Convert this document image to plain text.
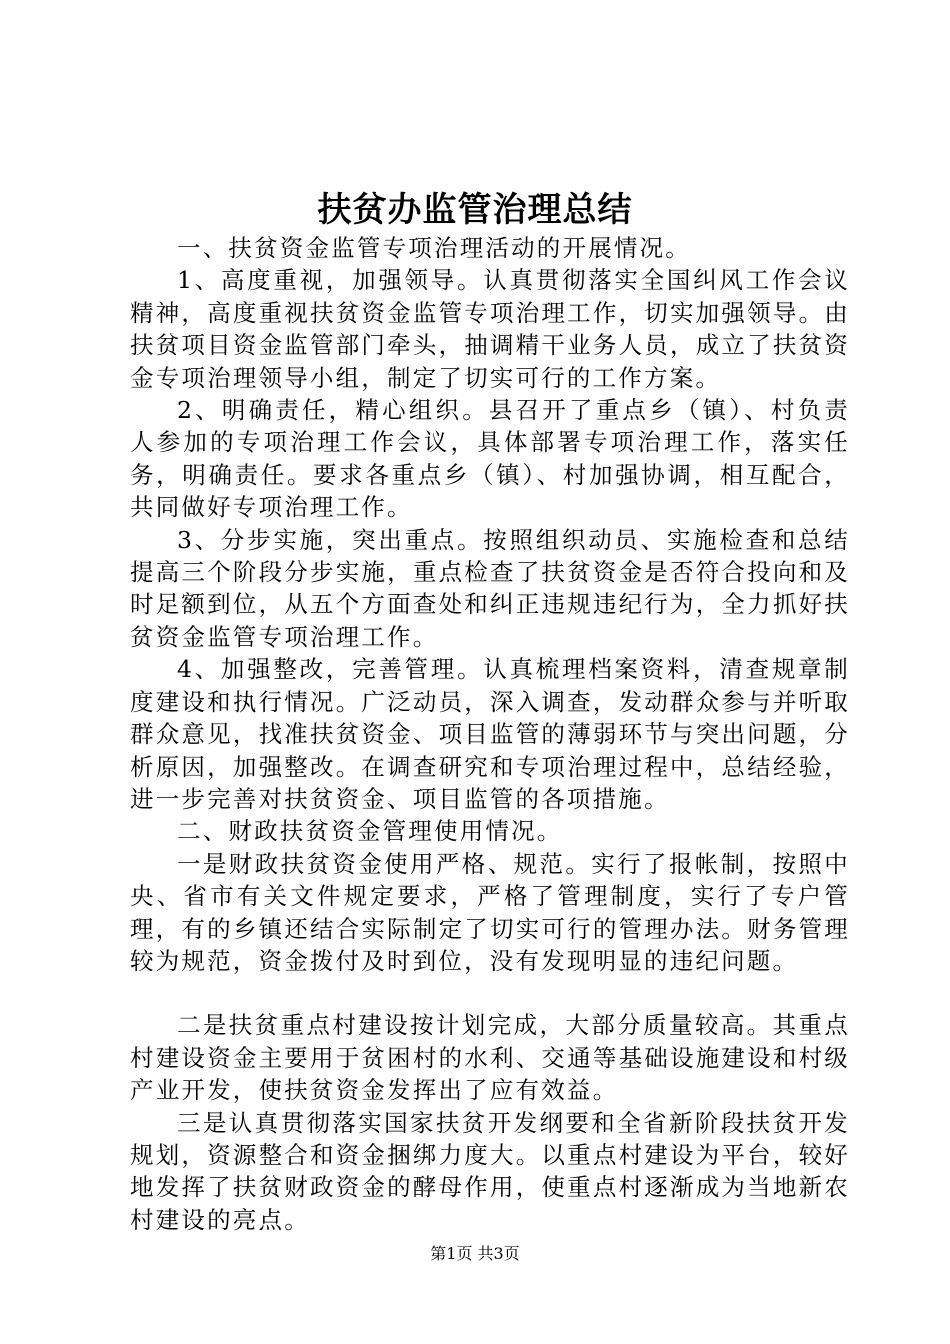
扶贫办监管治理总结

一、扶贫资金监管专项治理活动的开展情况。

1、高度重视，加强领导。认真贯彻落实全国纠风工作会议精神，高度重视扶贫资金监管专项治理工作，切实加强领导。由扶贫项目资金监管部门牵头，抽调精干业务人员，成立了扶贫资金专项治理领导小组，制定了切实可行的工作方案。

2、明确责任，精心组织。县召开了重点乡（镇）、村负责人参加的专项治理工作会议，具体部署专项治理工作，落实任务，明确责任。要求各重点乡（镇）、村加强协调，相互配合，共同做好专项治理工作。

3、分步实施，突出重点。按照组织动员、实施检查和总结提高三个阶段分步实施，重点检查了扶贫资金是否符合投向和及时足额到位，从五个方面查处和纠正违规违纪行为，全力抓好扶贫资金监管专项治理工作。

4、加强整改，完善管理。认真梳理档案资料，清查规章制度建设和执行情况。广泛动员，深入调查，发动群众参与并听取群众意见，找准扶贫资金、项目监管的薄弱环节与突出问题，分析原因，加强整改。在调查研究和专项治理过程中，总结经验，进一步完善对扶贫资金、项目监管的各项措施。

二、财政扶贫资金管理使用情况。

一是财政扶贫资金使用严格、规范。实行了报帐制，按照中央、省市有关文件规定要求，严格了管理制度，实行了专户管理，有的乡镇还结合实际制定了切实可行的管理办法。财务管理较为规范，资金拨付及时到位，没有发现明显的违纪问题。

二是扶贫重点村建设按计划完成，大部分质量较高。其重点村建设资金主要用于贫困村的水利、交通等基础设施建设和村级产业开发，使扶贫资金发挥出了应有效益。

三是认真贯彻落实国家扶贫开发纲要和全省新阶段扶贫开发规划，资源整合和资金捆绑力度大。以重点村建设为平台，较好地发挥了扶贫财政资金的酵母作用，使重点村逐渐成为当地新农村建设的亮点。

第1页 共3页
